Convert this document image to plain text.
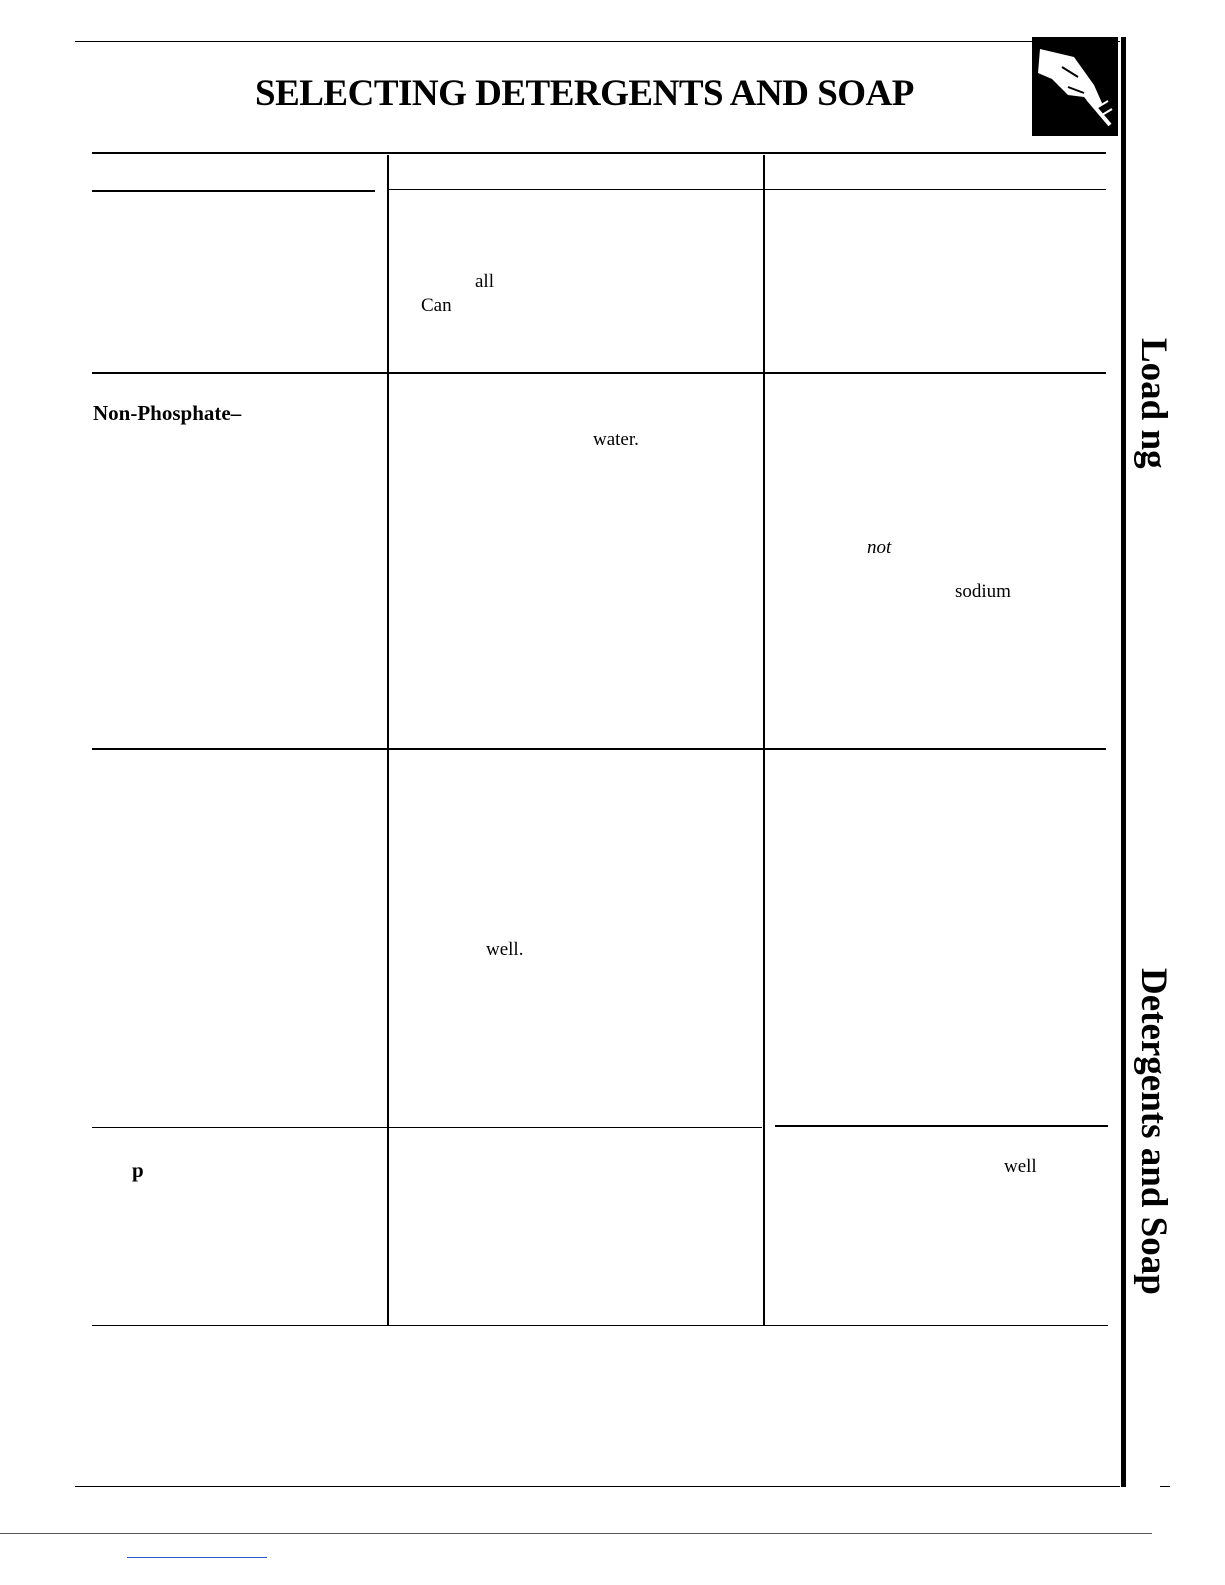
SELECTING DETERGENTS AND SOAP
Load ng
Detergents and Soap
all
Can
Non-Phosphate–
water.
not
sodium
well.
p	well
